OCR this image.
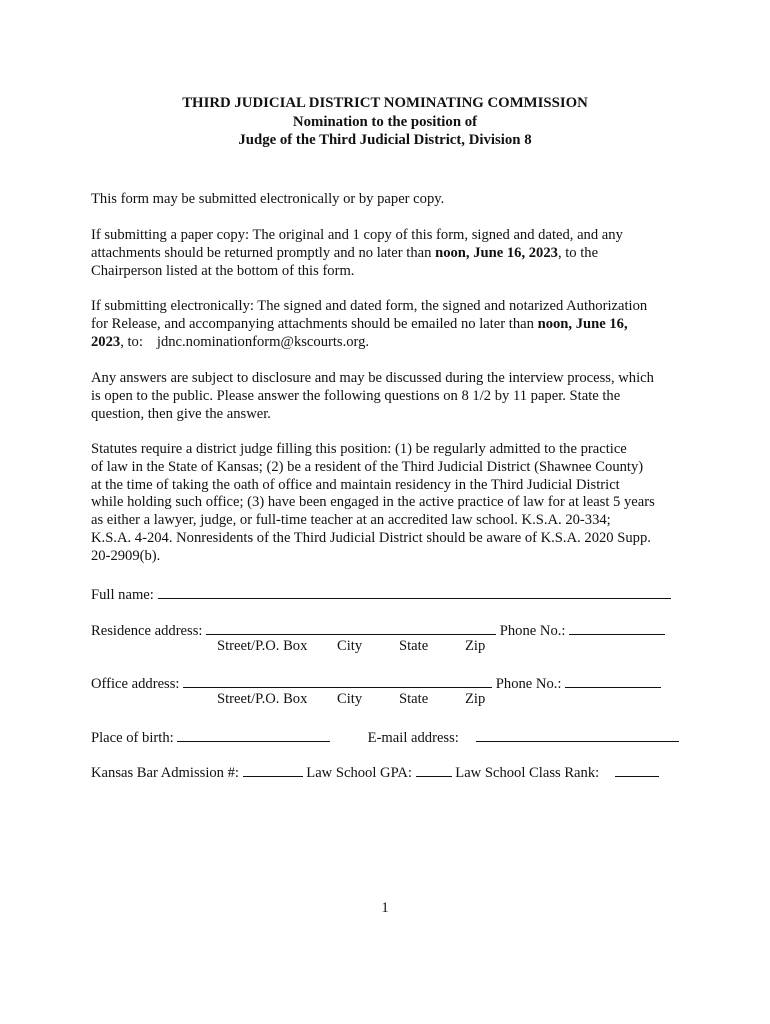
THIRD JUDICIAL DISTRICT NOMINATING COMMISSION
Nomination to the position of
Judge of the Third Judicial District, Division 8
This form may be submitted electronically or by paper copy.
If submitting a paper copy: The original and 1 copy of this form, signed and dated, and any
attachments should be returned promptly and no later than noon, June 16, 2023, to the
Chairperson listed at the bottom of this form.
If submitting electronically: The signed and dated form, the signed and notarized Authorization
for Release, and accompanying attachments should be emailed no later than noon, June 16,
2023, to: jdnc.nominationform@kscourts.org.
Any answers are subject to disclosure and may be discussed during the interview process, which
is open to the public. Please answer the following questions on 8 1/2 by 11 paper. State the
question, then give the answer.
Statutes require a district judge filling this position: (1) be regularly admitted to the practice
of law in the State of Kansas; (2) be a resident of the Third Judicial District (Shawnee County)
at the time of taking the oath of office and maintain residency in the Third Judicial District
while holding such office; (3) have been engaged in the active practice of law for at least 5 years
as either a lawyer, judge, or full-time teacher at an accredited law school. K.S.A. 20-334;
K.S.A. 4-204. Nonresidents of the Third Judicial District should be aware of K.S.A. 2020 Supp.
20-2909(b).
Full name:
Residence address:	Phone No.:
Street/P.O. Box City	State	Zip
Office address:	Phone No.:
Street/P.O. Box City	State	Zip
Place of birth:	E-mail address:
Kansas Bar Admission #:	Law School GPA:	Law School Class Rank:
1
